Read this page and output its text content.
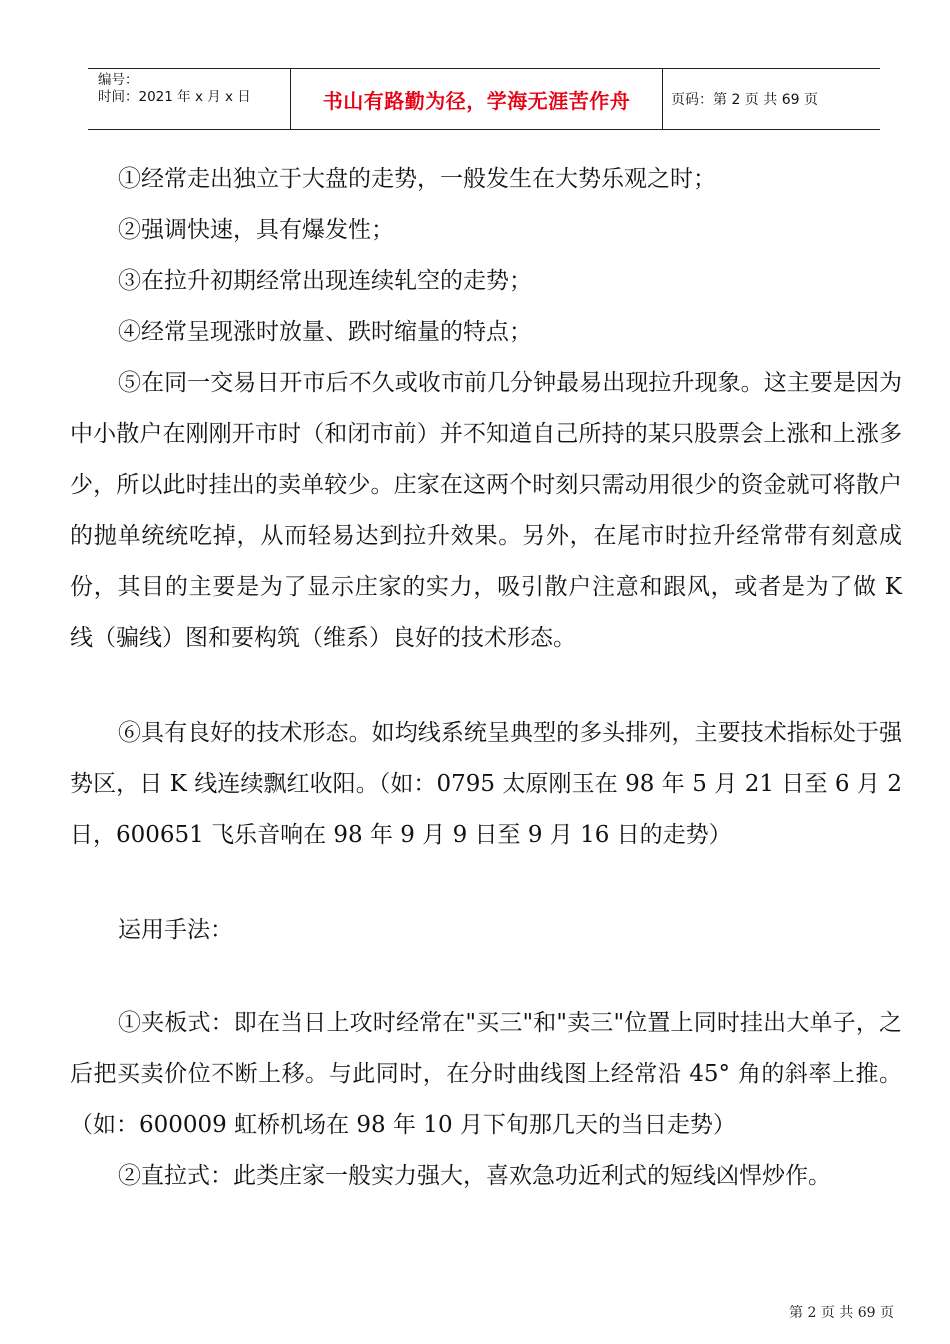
编号：
时间：2021 年 x 月 x 日	书山有路勤为径，学海无涯苦作舟	页码：第 2 页 共 69 页

①经常走出独立于大盘的走势，一般发生在大势乐观之时；

②强调快速，具有爆发性；

③在拉升初期经常出现连续轧空的走势；

④经常呈现涨时放量、跌时缩量的特点；

⑤在同一交易日开市后不久或收市前几分钟最易出现拉升现象。这主要是因为中小散户在刚刚开市时（和闭市前）并不知道自己所持的某只股票会上涨和上涨多少，所以此时挂出的卖单较少。庄家在这两个时刻只需动用很少的资金就可将散户的抛单统统吃掉，从而轻易达到拉升效果。另外，在尾市时拉升经常带有刻意成份，其目的主要是为了显示庄家的实力，吸引散户注意和跟风，或者是为了做 K 线（骗线）图和要构筑（维系）良好的技术形态。

⑥具有良好的技术形态。如均线系统呈典型的多头排列，主要技术指标处于强势区，日 K 线连续飘红收阳。（如：0795 太原刚玉在 98 年 5 月 21 日至 6 月 2 日，600651 飞乐音响在 98 年 9 月 9 日至 9 月 16 日的走势）

运用手法：

①夹板式：即在当日上攻时经常在"买三"和"卖三"位置上同时挂出大单子，之后把买卖价位不断上移。与此同时，在分时曲线图上经常沿 45° 角的斜率上推。（如：600009 虹桥机场在 98 年 10 月下旬那几天的当日走势）

②直拉式：此类庄家一般实力强大，喜欢急功近利式的短线凶悍炒作。

第 2 页 共 69 页
